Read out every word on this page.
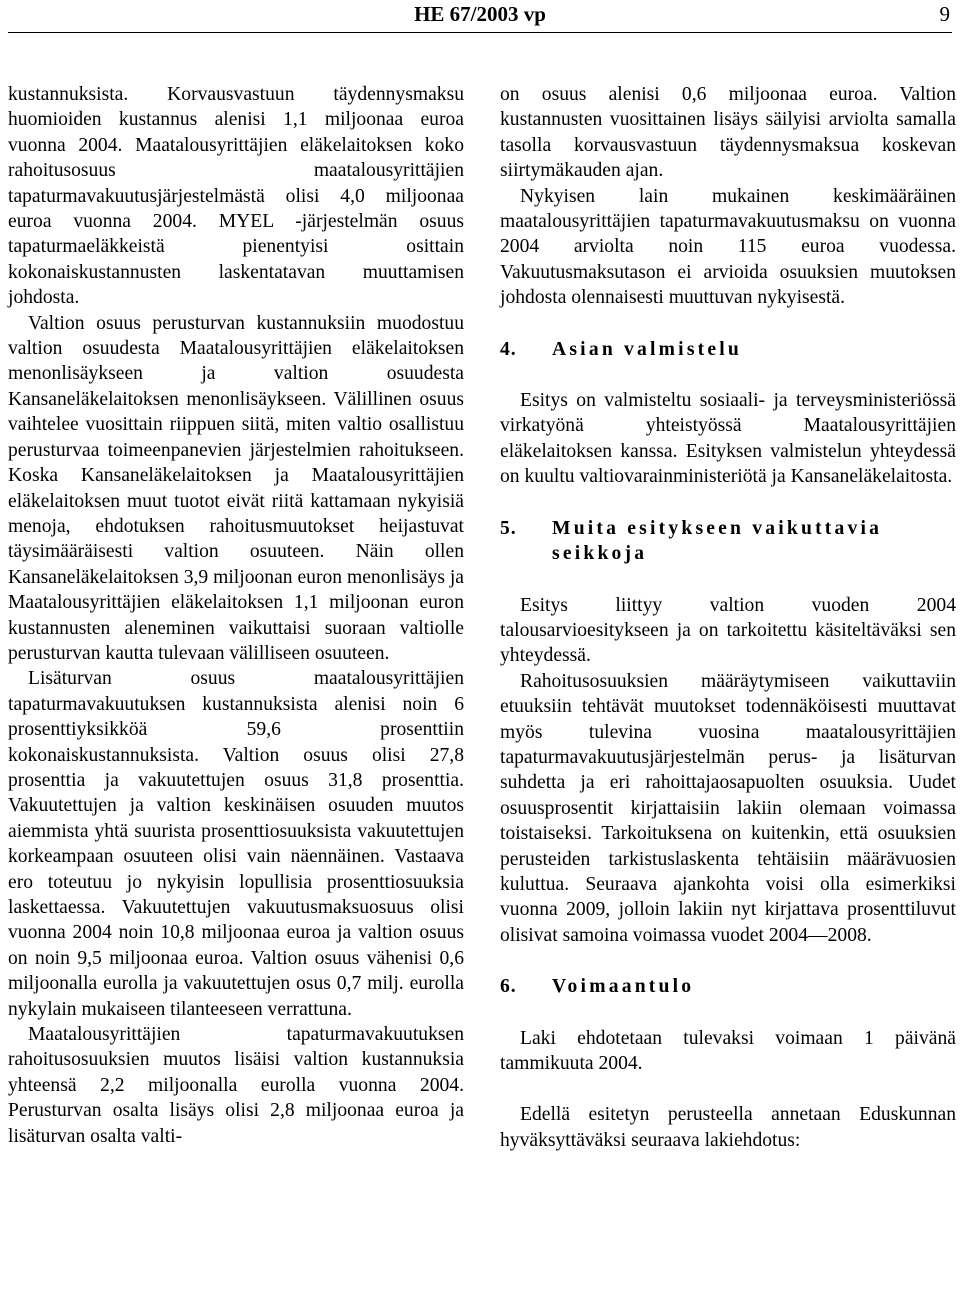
HE 67/2003 vp	9

kustannuksista. Korvausvastuun täydennysmaksu huomioiden kustannus alenisi 1,1 miljoonaa euroa vuonna 2004. Maatalousyrittäjien eläkelaitoksen koko rahoitusosuus maatalousyrittäjien tapaturmavakuutusjärjestelmästä olisi 4,0 miljoonaa euroa vuonna 2004. MYEL -järjestelmän osuus tapaturmaeläkkeistä pienentyisi osittain kokonaiskustannusten laskentatavan muuttamisen johdosta.

Valtion osuus perusturvan kustannuksiin muodostuu valtion osuudesta Maatalousyrittäjien eläkelaitoksen menonlisäykseen ja valtion osuudesta Kansaneläkelaitoksen menonlisäykseen. Välillinen osuus vaihtelee vuosittain riippuen siitä, miten valtio osallistuu perusturvaa toimeenpanevien järjestelmien rahoitukseen. Koska Kansaneläkelaitoksen ja Maatalousyrittäjien eläkelaitoksen muut tuotot eivät riitä kattamaan nykyisiä menoja, ehdotuksen rahoitusmuutokset heijastuvat täysimääräisesti valtion osuuteen. Näin ollen Kansaneläkelaitoksen 3,9 miljoonan euron menonlisäys ja Maatalousyrittäjien eläkelaitoksen 1,1 miljoonan euron kustannusten aleneminen vaikuttaisi suoraan valtiolle perusturvan kautta tulevaan välilliseen osuuteen.

Lisäturvan osuus maatalousyrittäjien tapaturmavakuutuksen kustannuksista alenisi noin 6 prosenttiyksikköä 59,6 prosenttiin kokonaiskustannuksista. Valtion osuus olisi 27,8 prosenttia ja vakuutettujen osuus 31,8 prosenttia. Vakuutettujen ja valtion keskinäisen osuuden muutos aiemmista yhtä suurista prosenttiosuuksista vakuutettujen korkeampaan osuuteen olisi vain näennäinen. Vastaava ero toteutuu jo nykyisin lopullisia prosenttiosuuksia laskettaessa. Vakuutettujen vakuutusmaksuosuus olisi vuonna 2004 noin 10,8 miljoonaa euroa ja valtion osuus on noin 9,5 miljoonaa euroa. Valtion osuus vähenisi 0,6 miljoonalla eurolla ja vakuutettujen osus 0,7 milj. eurolla nykylain mukaiseen tilanteeseen verrattuna.

Maatalousyrittäjien tapaturmavakuutuksen rahoitusosuuksien muutos lisäisi valtion kustannuksia yhteensä 2,2 miljoonalla eurolla vuonna 2004. Perusturvan osalta lisäys olisi 2,8 miljoonaa euroa ja lisäturvan osalta valti-

on osuus alenisi 0,6 miljoonaa euroa. Valtion kustannusten vuosittainen lisäys säilyisi arviolta samalla tasolla korvausvastuun täydennysmaksua koskevan siirtymäkauden ajan.

Nykyisen lain mukainen keskimääräinen maatalousyrittäjien tapaturmavakuutusmaksu on vuonna 2004 arviolta noin 115 euroa vuodessa. Vakuutusmaksutason ei arvioida osuuksien muutoksen johdosta olennaisesti muuttuvan nykyisestä.

4.	Asian valmistelu

Esitys on valmisteltu sosiaali- ja terveysministeriössä virkatyönä yhteistyössä Maatalousyrittäjien eläkelaitoksen kanssa. Esityksen valmistelun yhteydessä on kuultu valtiovarainministeriötä ja Kansaneläkelaitosta.

5.	Muita esitykseen vaikuttavia seikkoja

Esitys liittyy valtion vuoden 2004 talousarvioesitykseen ja on tarkoitettu käsiteltäväksi sen yhteydessä.

Rahoitusosuuksien määräytymiseen vaikuttaviin etuuksiin tehtävät muutokset todennäköisesti muuttavat myös tulevina vuosina maatalousyrittäjien tapaturmavakuutusjärjestelmän perus- ja lisäturvan suhdetta ja eri rahoittajaosapuolten osuuksia. Uudet osuusprosentit kirjattaisiin lakiin olemaan voimassa toistaiseksi. Tarkoituksena on kuitenkin, että osuuksien perusteiden tarkistuslaskenta tehtäisiin määrävuosien kuluttua. Seuraava ajankohta voisi olla esimerkiksi vuonna 2009, jolloin lakiin nyt kirjattava prosenttiluvut olisivat samoina voimassa vuodet 2004—2008.

6.	Voimaantulo

Laki ehdotetaan tulevaksi voimaan 1 päivänä tammikuuta 2004.

Edellä esitetyn perusteella annetaan Eduskunnan hyväksyttäväksi seuraava lakiehdotus:
